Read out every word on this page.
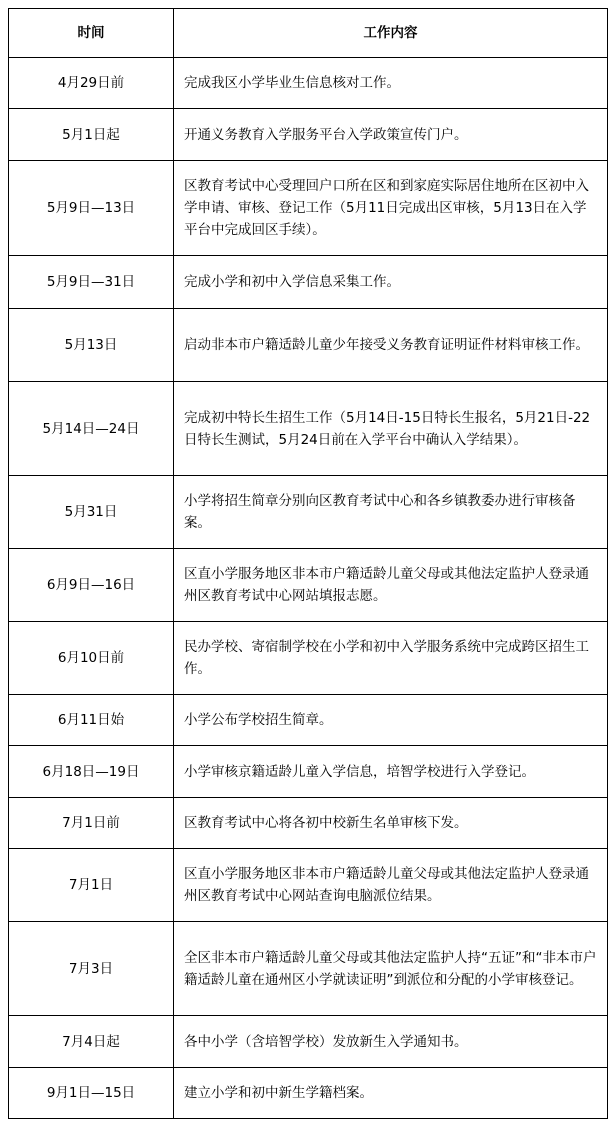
时间	工作内容
4月29日前	完成我区小学毕业生信息核对工作。
5月1日起	开通义务教育入学服务平台入学政策宣传门户。
5月9日—13日	区教育考试中心受理回户口所在区和到家庭实际居住地所在区初中入学申请、审核、登记工作（5月11日完成出区审核，5月13日在入学平台中完成回区手续）。
5月9日—31日	完成小学和初中入学信息采集工作。
5月13日	启动非本市户籍适龄儿童少年接受义务教育证明证件材料审核工作。
5月14日—24日	完成初中特长生招生工作（5月14日-15日特长生报名，5月21日-22日特长生测试，5月24日前在入学平台中确认入学结果）。
5月31日	小学将招生简章分别向区教育考试中心和各乡镇教委办进行审核备案。
6月9日—16日	区直小学服务地区非本市户籍适龄儿童父母或其他法定监护人登录通州区教育考试中心网站填报志愿。
6月10日前	民办学校、寄宿制学校在小学和初中入学服务系统中完成跨区招生工作。
6月11日始	小学公布学校招生简章。
6月18日—19日	小学审核京籍适龄儿童入学信息，培智学校进行入学登记。
7月1日前	区教育考试中心将各初中校新生名单审核下发。
7月1日	区直小学服务地区非本市户籍适龄儿童父母或其他法定监护人登录通州区教育考试中心网站查询电脑派位结果。
7月3日	全区非本市户籍适龄儿童父母或其他法定监护人持“五证”和“非本市户籍适龄儿童在通州区小学就读证明”到派位和分配的小学审核登记。
7月4日起	各中小学（含培智学校）发放新生入学通知书。
9月1日—15日	建立小学和初中新生学籍档案。
